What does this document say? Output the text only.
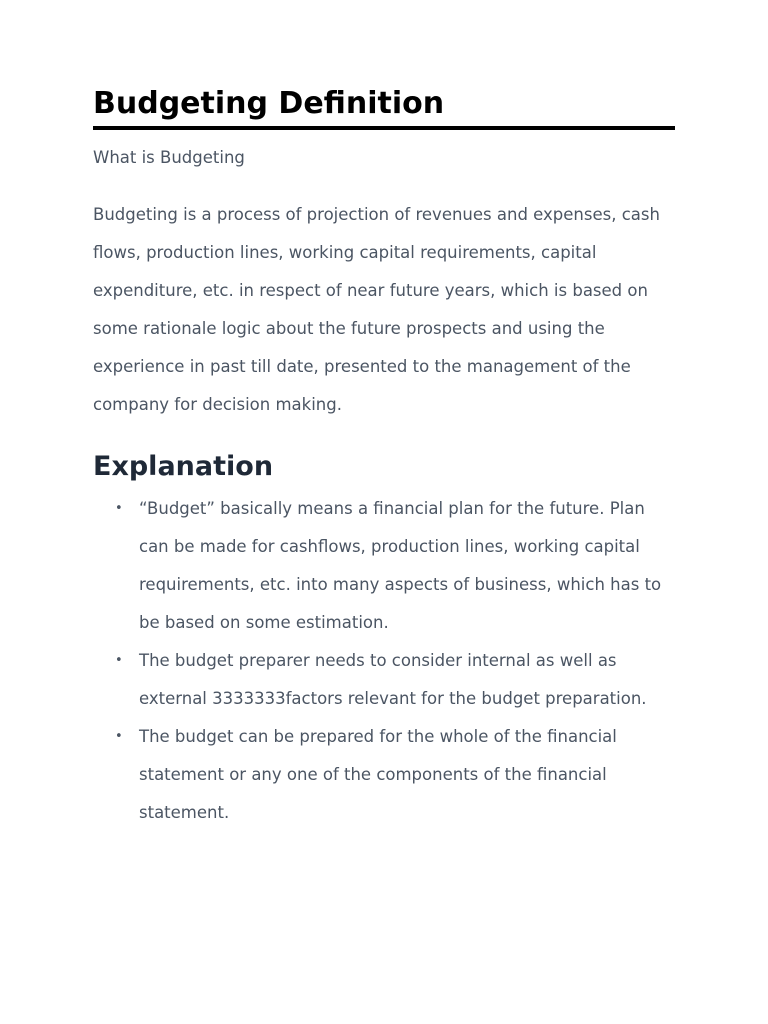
Budgeting Definition

What is Budgeting

Budgeting is a process of projection of revenues and expenses, cash flows, production lines, working capital requirements, capital expenditure, etc. in respect of near future years, which is based on some rationale logic about the future prospects and using the experience in past till date, presented to the management of the company for decision making.

Explanation
• “Budget” basically means a financial plan for the future. Plan can be made for cashflows, production lines, working capital requirements, etc. into many aspects of business, which has to be based on some estimation.
• The budget preparer needs to consider internal as well as external 3333333factors relevant for the budget preparation.
• The budget can be prepared for the whole of the financial statement or any one of the components of the financial statement.
